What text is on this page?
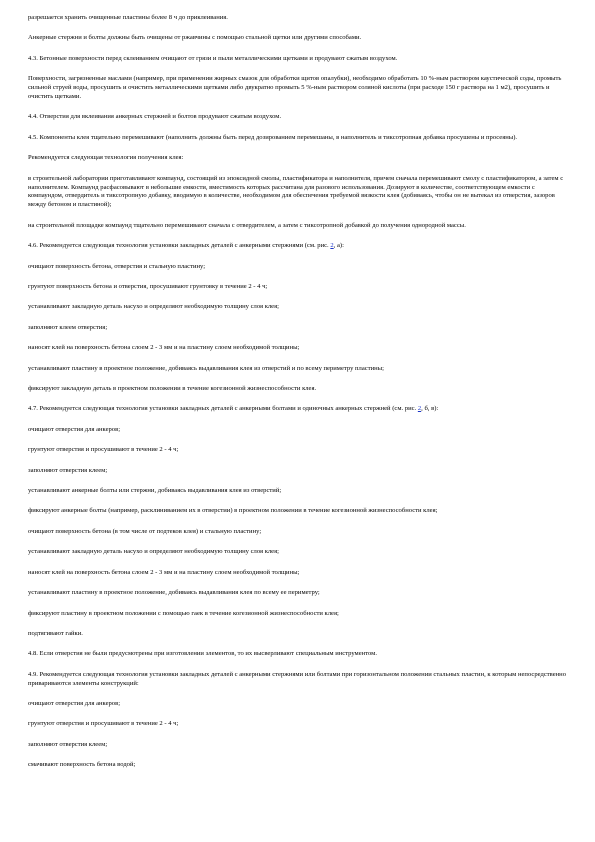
разрешается хранить очищенные пластины более 8 ч до приклеивания.

Анкерные стержни и болты должны быть очищены от ржавчины с помощью стальной щетки или другими способами.

4.3. Бетонные поверхности перед склеиванием очищают от грязи и пыли металлическими щетками и продувают сжатым воздухом.

Поверхности, загрязненные маслами (например, при применении жирных смазок для обработки щитов опалубки), необходимо обработать 10 %-ным раствором каустической соды, промыть сильной струей воды, просушить и очистить металлическими щетками либо двукратно промыть 5 %-ным раствором соляной кислоты (при расходе 150 г раствора на 1 м2), просушить и очистить щетками.

4.4. Отверстия для вклеивания анкерных стержней и болтов продувают сжатым воздухом.

4.5. Компоненты клея тщательно перемешивают (наполнить должны быть перед дозированием перемешаны, в наполнитель и тиксотропная добавка просушены и просеяны).

Рекомендуется следующая технология получения клея:

в строительной лаборатории приготавливают компаунд, состоящий из эпоксидной смолы, пластификатора и наполнителя, причем сначала перемешивают смолу с пластификатором, а затем с наполнителем. Компаунд расфасовывают в небольшие емкости, вместимость которых рассчитана для разового использования. Дозируют в количестве, соответствующем емкости с компаундом, отвердитель и тиксотропную добавку, вводимую в количестве, необходимом для обеспечения требуемой вязкости клея (добиваясь, чтобы он не вытекал из отверстия, зазоров между бетоном и пластиной);

на строительной площадке компаунд тщательно перемешивают сначала с отвердителем, а затем с тиксотропной добавкой до получения однородной массы.

4.6. Рекомендуется следующая технология установки закладных деталей с анкерными стержнями (см. рис. 2, а):

очищают поверхность бетона, отверстия и стальную пластину;

грунтуют поверхность бетона и отверстия, просушивают грунтовку в течение 2 - 4 ч;

устанавливают закладную деталь насухо и определяют необходимую толщину слоя клея;

заполняют клеем отверстия;

наносят клей на поверхность бетона слоем 2 - 3 мм и на пластину слоем необходимой толщины;

устанавливают пластину в проектное положение, добиваясь выдавливания клея из отверстий и по всему периметру пластины;

фиксируют закладную деталь в проектном положении в течение когезионной жизнеспособности клея.

4.7. Рекомендуется следующая технология установки закладных деталей с анкерными болтами и одиночных анкерных стержней (см. рис. 2, б, в):

очищают отверстия для анкеров;

грунтуют отверстия и просушивают в течение 2 - 4 ч;

заполняют отверстия клеем;

устанавливают анкерные болты или стержни, добиваясь выдавливания клея из отверстий;

фиксируют анкерные болты (например, расклиниванием их в отверстии) в проектном положении в течение когезионной жизнеспособности клея;

очищают поверхность бетона (в том числе от подтеков клея) и стальную пластину;

устанавливают закладную деталь насухо и определяют необходимую толщину слоя клея;

наносят клей на поверхность бетона слоем 2 - 3 мм и на пластину слоем необходимой толщины;

устанавливают пластину в проектное положение, добиваясь выдавливания клея по всему ее периметру;

фиксируют пластину в проектном положении с помощью гаек в течение когезионной жизнеспособности клея;

подтягивают гайки.

4.8. Если отверстия не были предусмотрены при изготовлении элементов, то их высверливают специальным инструментом.

4.9. Рекомендуется следующая технология установки закладных деталей с анкерными стержнями или болтами при горизонтальном положении стальных пластин, к которым непосредственно привариваются элементы конструкций:

очищают отверстия для анкеров;

грунтуют отверстия и просушивают в течение 2 - 4 ч;

заполняют отверстия клеем;

смачивают поверхность бетона водой;
